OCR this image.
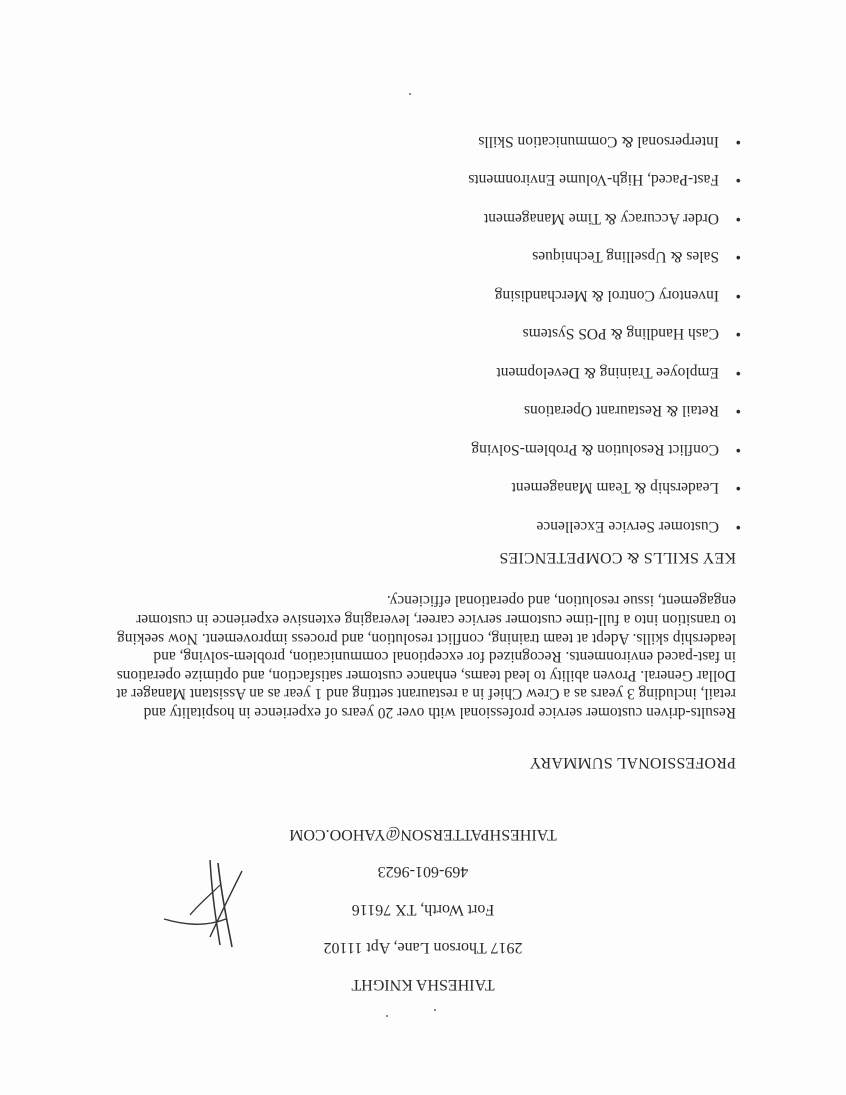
TAIHESHA KNIGHT
2917 Thorson Lane, Apt 11102
Fort Worth, TX 76116
469-601-9623
TAIHESHPATTERSON@YAHOO.COM
PROFESSIONAL SUMMARY
Results-driven customer service professional with over 20 years of experience in hospitality and retail, including 3 years as a Crew Chief in a restaurant setting and 1 year as an Assistant Manager at Dollar General. Proven ability to lead teams, enhance customer satisfaction, and optimize operations in fast-paced environments. Recognized for exceptional communication, problem-solving, and leadership skills. Adept at team training, conflict resolution, and process improvement. Now seeking to transition into a full-time customer service career, leveraging extensive experience in customer engagement, issue resolution, and operational efficiency.
KEY SKILLS & COMPETENCIES
•Customer Service Excellence
•Leadership & Team Management
•Conflict Resolution & Problem-Solving
•Retail & Restaurant Operations
•Employee Training & Development
•Cash Handling & POS Systems
•Inventory Control & Merchandising
•Sales & Upselling Techniques
•Order Accuracy & Time Management
•Fast-Paced, High-Volume Environments
•Interpersonal & Communication Skills
